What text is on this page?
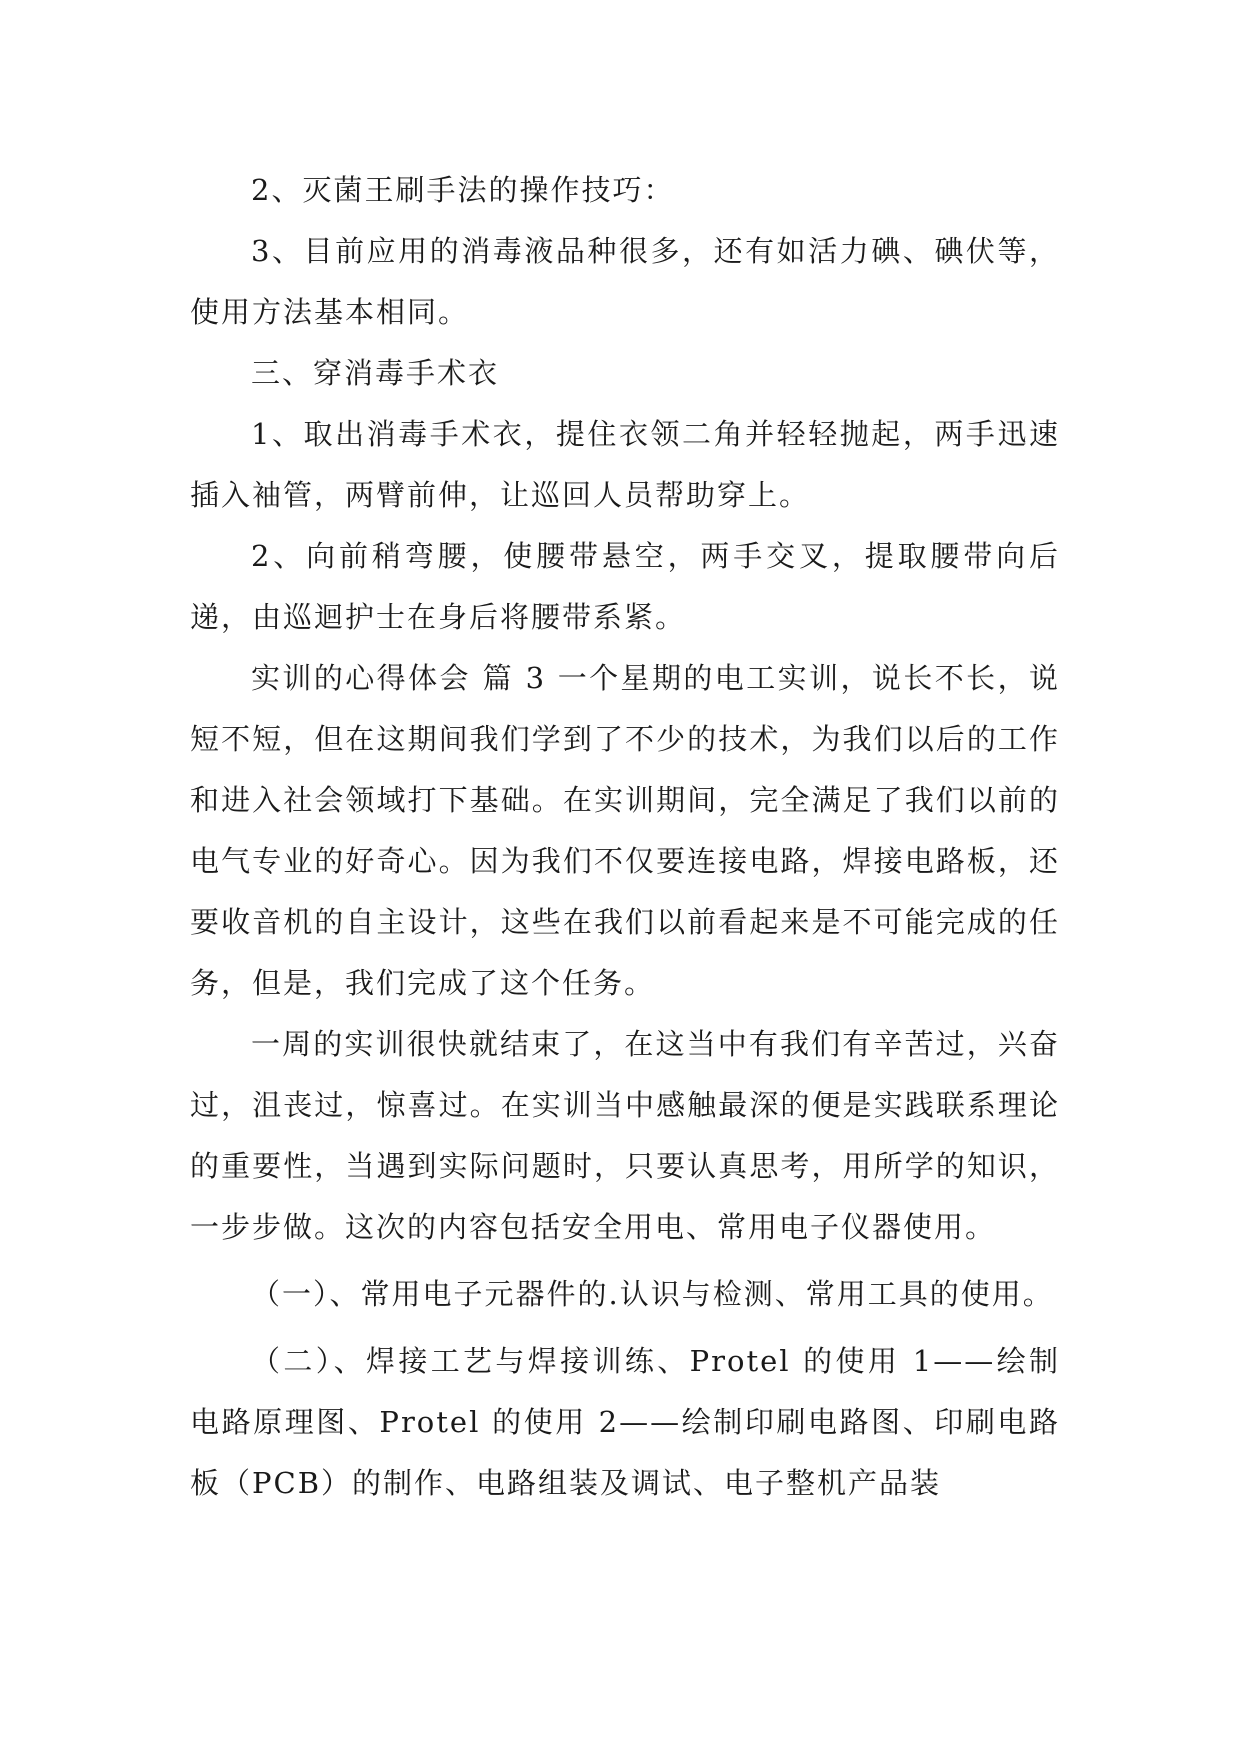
2、灭菌王刷手法的操作技巧：

3、目前应用的消毒液品种很多，还有如活力碘、碘伏等，使用方法基本相同。

三、穿消毒手术衣

1、取出消毒手术衣，提住衣领二角并轻轻抛起，两手迅速插入袖管，两臂前伸，让巡回人员帮助穿上。

2、向前稍弯腰，使腰带悬空，两手交叉，提取腰带向后递，由巡迴护士在身后将腰带系紧。

实训的心得体会 篇 3 一个星期的电工实训，说长不长，说短不短，但在这期间我们学到了不少的技术，为我们以后的工作和进入社会领域打下基础。在实训期间，完全满足了我们以前的电气专业的好奇心。因为我们不仅要连接电路，焊接电路板，还要收音机的自主设计，这些在我们以前看起来是不可能完成的任务，但是，我们完成了这个任务。

一周的实训很快就结束了，在这当中有我们有辛苦过，兴奋过，沮丧过，惊喜过。在实训当中感触最深的便是实践联系理论的重要性，当遇到实际问题时，只要认真思考，用所学的知识，一步步做。这次的内容包括安全用电、常用电子仪器使用。

（一）、常用电子元器件的.认识与检测、常用工具的使用。

（二）、焊接工艺与焊接训练、Protel 的使用 1——绘制电路原理图、Protel 的使用 2——绘制印刷电路图、印刷电路板（PCB）的制作、电路组装及调试、电子整机产品装
